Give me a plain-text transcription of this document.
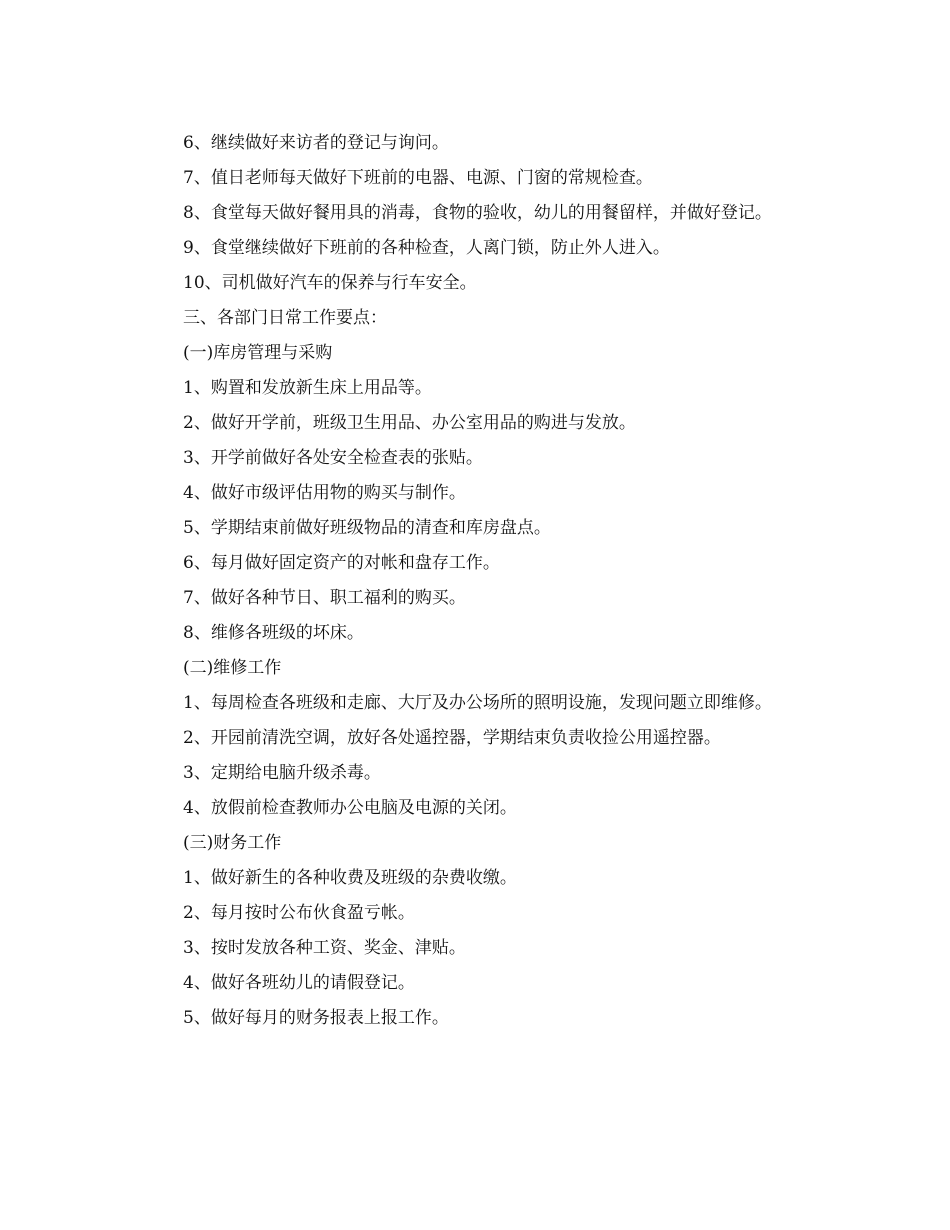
6、继续做好来访者的登记与询问。

7、值日老师每天做好下班前的电器、电源、门窗的常规检查。

8、食堂每天做好餐用具的消毒，食物的验收，幼儿的用餐留样，并做好登记。

9、食堂继续做好下班前的各种检查，人离门锁，防止外人进入。

10、司机做好汽车的保养与行车安全。

三、各部门日常工作要点：

(一)库房管理与采购

1、购置和发放新生床上用品等。

2、做好开学前，班级卫生用品、办公室用品的购进与发放。

3、开学前做好各处安全检查表的张贴。

4、做好市级评估用物的购买与制作。

5、学期结束前做好班级物品的清查和库房盘点。

6、每月做好固定资产的对帐和盘存工作。

7、做好各种节日、职工福利的购买。

8、维修各班级的坏床。

(二)维修工作

1、每周检查各班级和走廊、大厅及办公场所的照明设施，发现问题立即维修。

2、开园前清洗空调，放好各处遥控器，学期结束负责收捡公用遥控器。

3、定期给电脑升级杀毒。

4、放假前检查教师办公电脑及电源的关闭。

(三)财务工作

1、做好新生的各种收费及班级的杂费收缴。

2、每月按时公布伙食盈亏帐。

3、按时发放各种工资、奖金、津贴。

4、做好各班幼儿的请假登记。

5、做好每月的财务报表上报工作。
